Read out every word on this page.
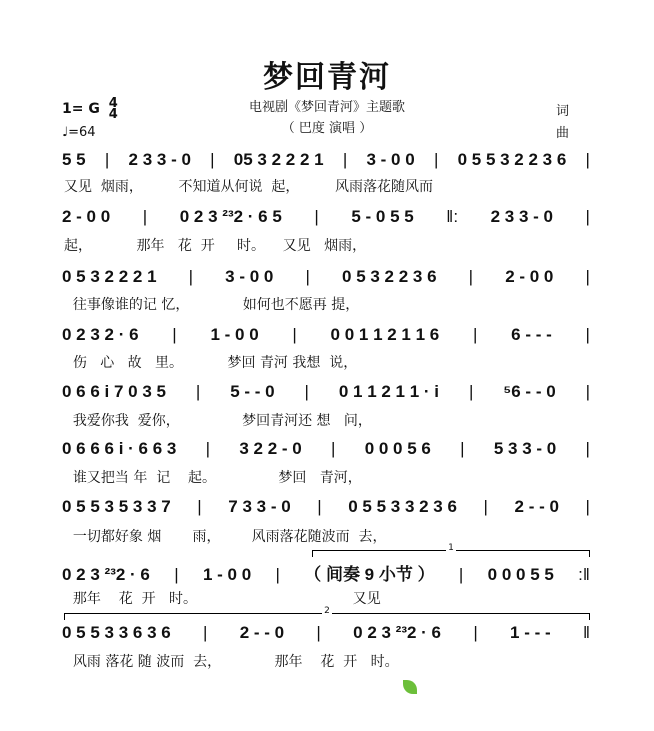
梦回青河
电视剧《梦回青河》主题歌
（ 巴度 演唱 ）
1= G 4
4
♩=64
词
曲
1
2
5 5 | 2 3 3 - 0 | 05 3 2 2 2 1 | 3 - 0 0 | 0 5 5 3 2 2 3 6 |
又见  烟雨，        不知道从何说  起，        风雨落花随风而
2 - 0 0 | 0 2 3 ²³2 · 6 5 | 5 - 0 5 5 ‖: 2 3 3 - 0 |
起，          那年   花  开     时。    又见   烟雨，
0 5 3 2 2 2 1 | 3 - 0 0 | 0 5 3 2 2 3 6 | 2 - 0 0 |
往事像谁的记 忆，            如何也不愿再 提，
0 2 3 2 · 6 | 1 - 0 0 | 0 0 1 1 2 1 1 6 | 6 - - - |
伤   心   故   里。          梦回 青河 我想  说，
0 6 6 i 7 0 3 5 | 5 - - 0 | 0 1 1 2 1 1 · i | ⁵6 - - 0 |
我爱你我  爱你，              梦回青河还 想   问，
0 6 6 6 i · 6 6 3 | 3 2 2 - 0 | 0 0 0 5 6 | 5 3 3 - 0 |
谁又把当 年  记    起。              梦回   青河，
0 5 5 3 5 3 3 7 | 7 3 3 - 0 | 0 5 5 3 3 2 3 6 | 2 - - 0 |
一切都好象 烟       雨，       风雨落花随波而  去，
0 2 3 ²³2 · 6 | 1 - 0 0 | （ 间奏 9 小节 ） | 0 0 0 5 5 :‖
那年    花  开   时。                                   又见
0 5 5 3 3 6 3 6 | 2 - - 0 | 0 2 3 ²³2 · 6 | 1 - - - ‖
风雨 落花 随 波而  去，            那年    花  开   时。
